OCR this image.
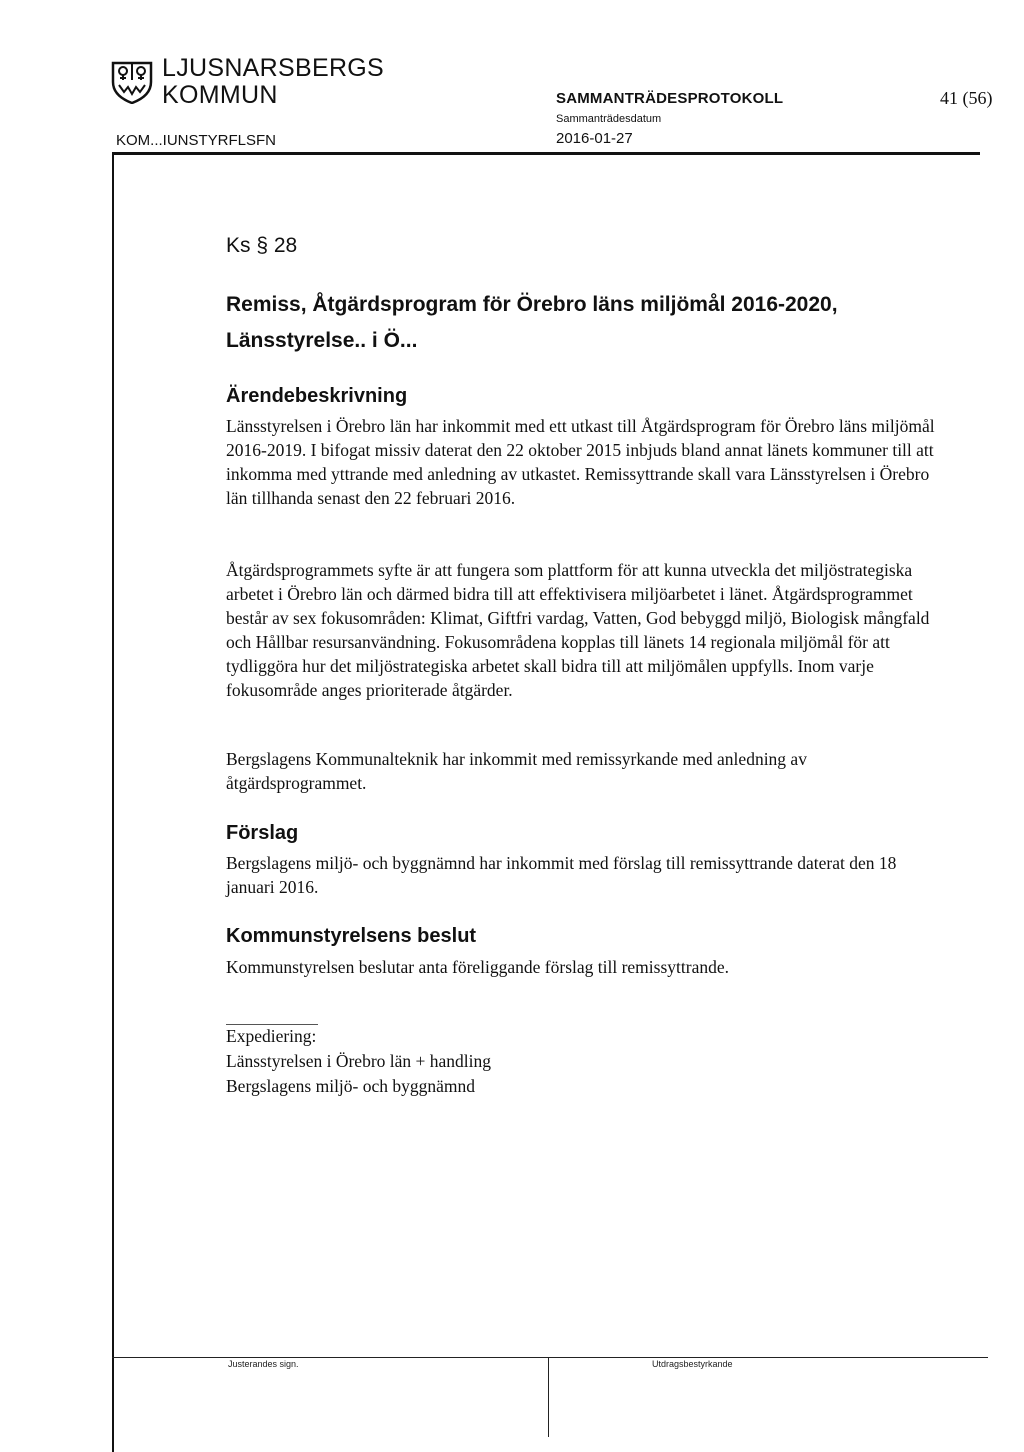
LJUSNARSBERGS
KOMMUN
KOM...IUNSTYRFLSFN
SAMMANTRÄDESPROTOKOLL
Sammanträdesdatum
2016-01-27
41 (56)
Ks § 28
Remiss, Åtgärdsprogram för Örebro läns miljömål 2016-2020,
Länsstyrelse.. i Ö...
Ärendebeskrivning

Länsstyrelsen i Örebro län har inkommit med ett utkast till Åtgärdsprogram för Örebro läns miljömål 2016-2019. I bifogat missiv daterat den 22 oktober 2015 inbjuds bland annat länets kommuner till att inkomma med yttrande med anledning av utkastet. Remissyttrande skall vara Länsstyrelsen i Örebro län tillhanda senast den 22 februari 2016.

Åtgärdsprogrammets syfte är att fungera som plattform för att kunna utveckla det miljöstrategiska arbetet i Örebro län och därmed bidra till att effektivisera miljöarbetet i länet. Åtgärdsprogrammet består av sex fokusområden: Klimat, Giftfri vardag, Vatten, God bebyggd miljö, Biologisk mångfald och Hållbar resursanvändning. Fokusområdena kopplas till länets 14 regionala miljömål för att tydliggöra hur det miljöstrategiska arbetet skall bidra till att miljömålen uppfylls. Inom varje fokusområde anges prioriterade åtgärder.

Bergslagens Kommunalteknik har inkommit med remissyrkande med anledning av åtgärdsprogrammet.

Förslag

Bergslagens miljö- och byggnämnd har inkommit med förslag till remissyttrande daterat den 18 januari 2016.

Kommunstyrelsens beslut

Kommunstyrelsen beslutar anta föreliggande förslag till remissyttrande.

Expediering:

Länsstyrelsen i Örebro län + handling

Bergslagens miljö- och byggnämnd

Justerandes sign.	Utdragsbestyrkande
